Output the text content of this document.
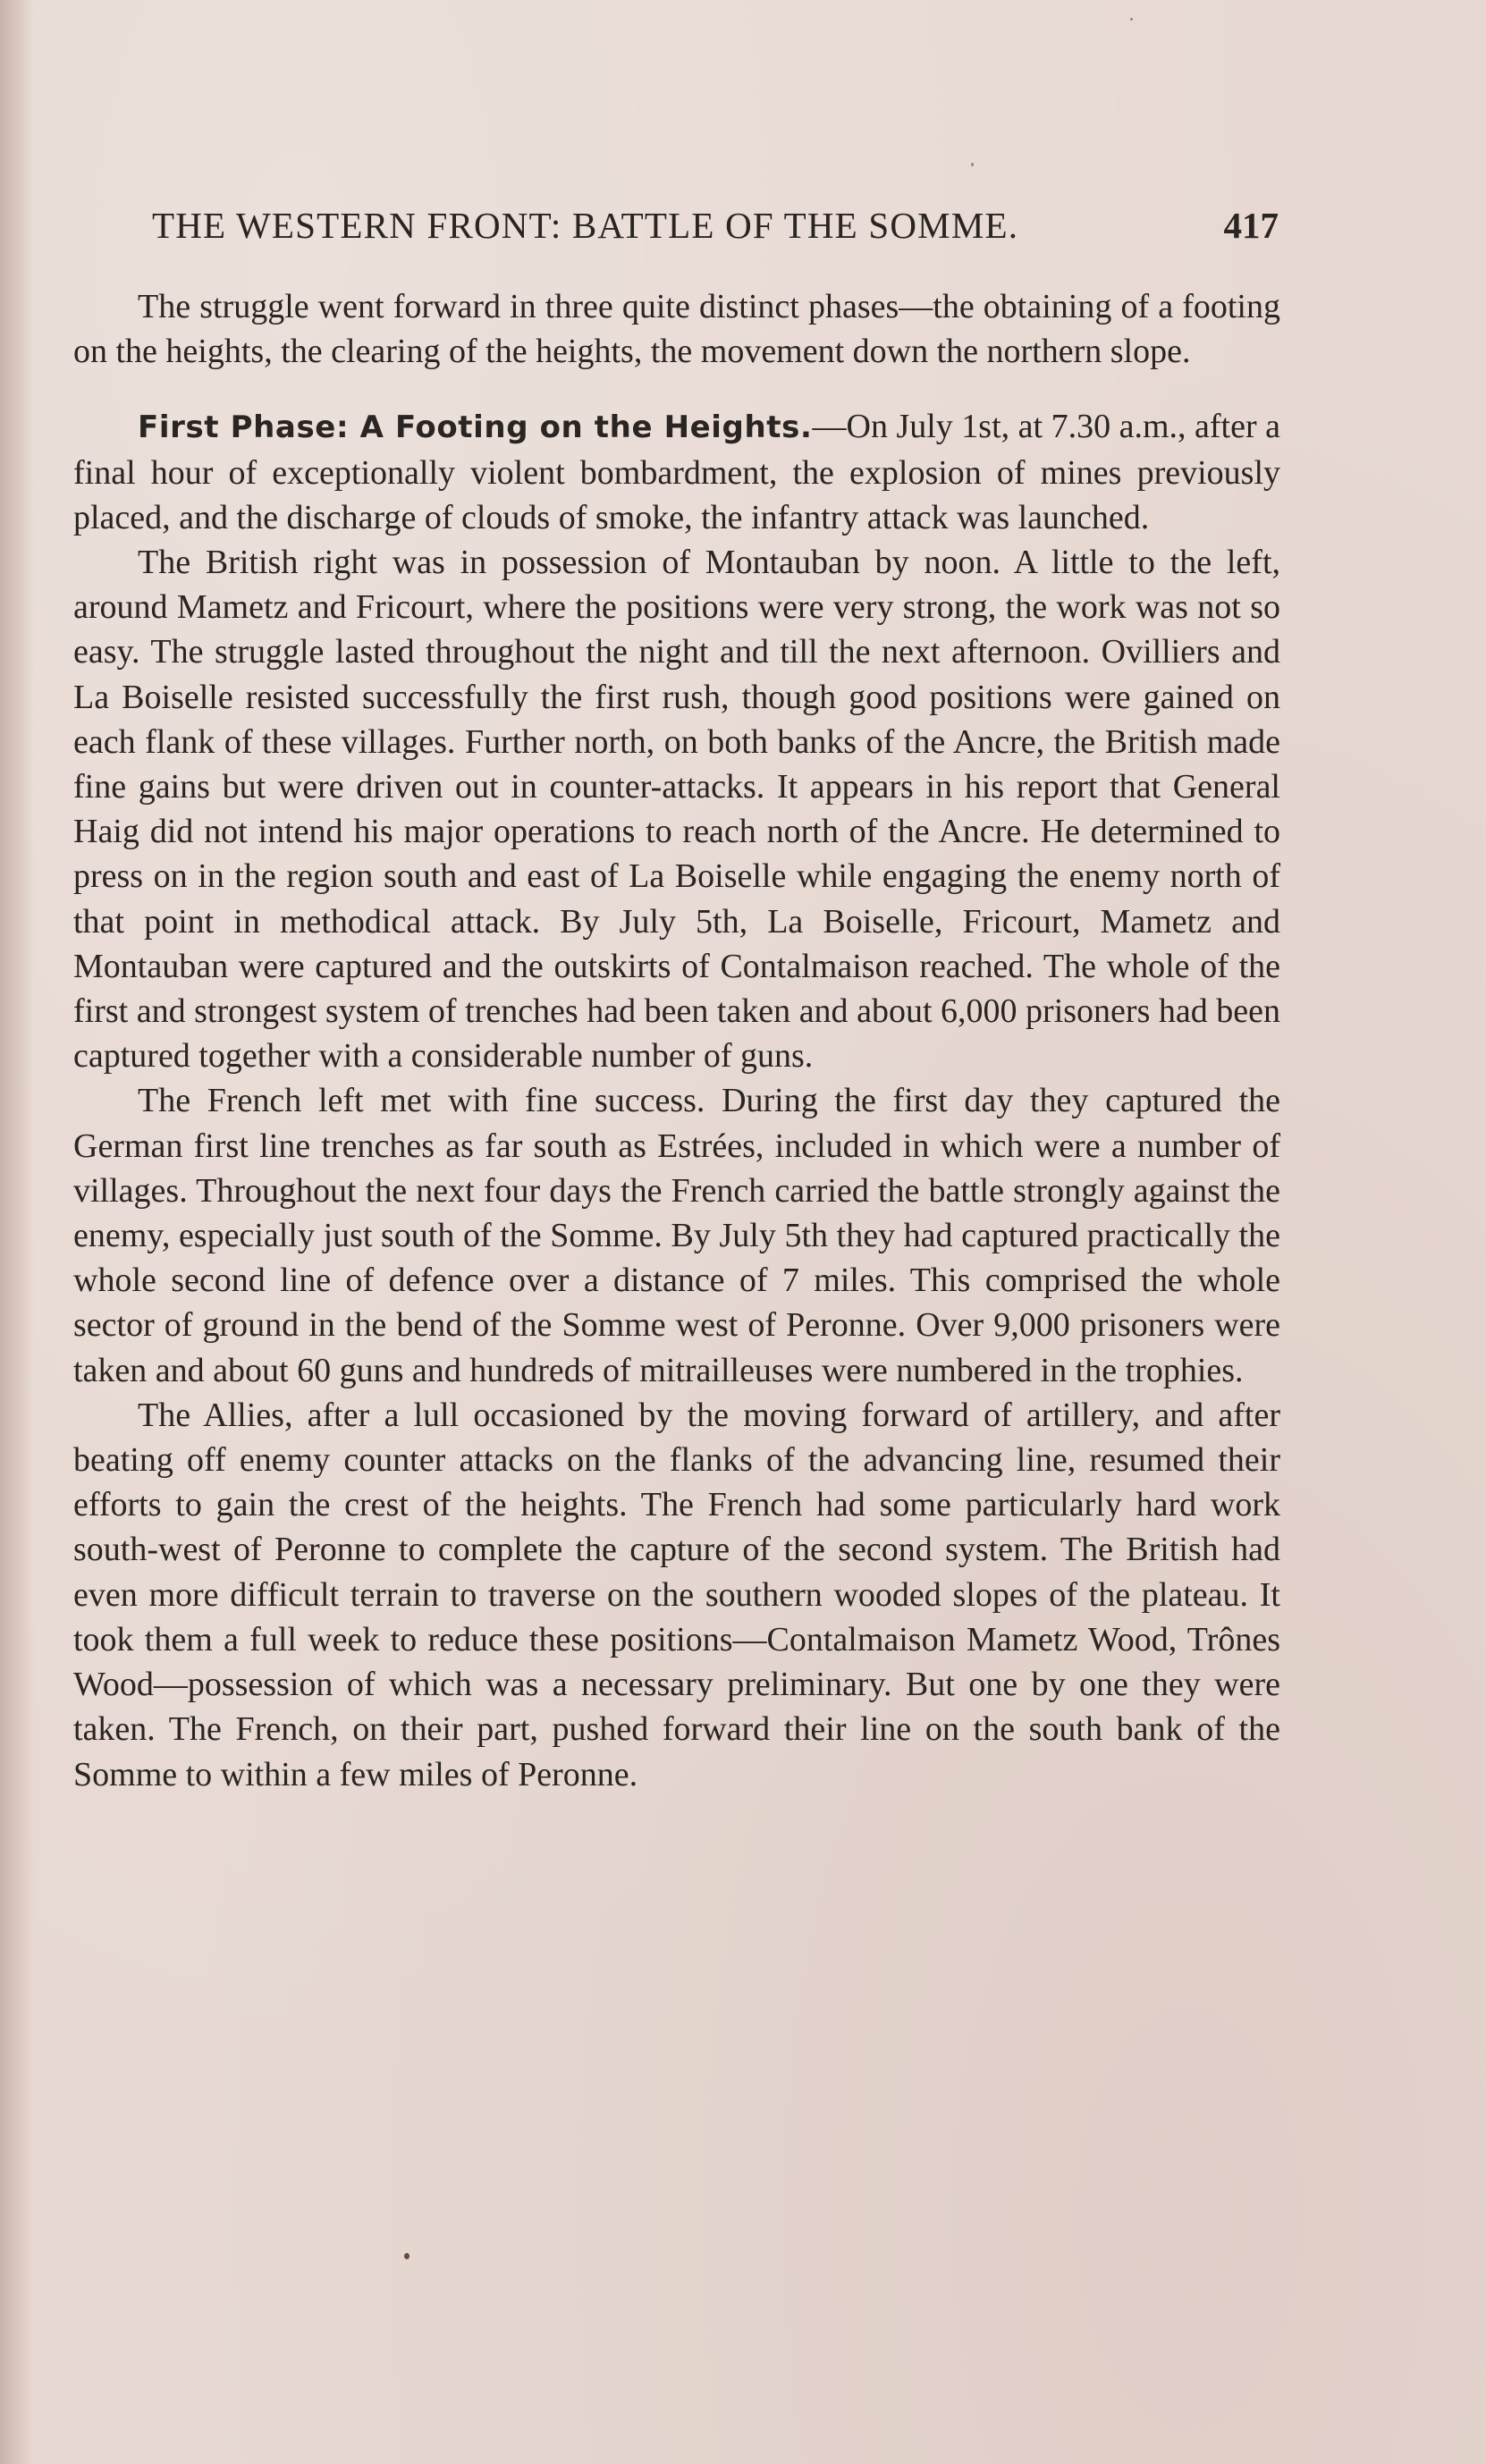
THE WESTERN FRONT: BATTLE OF THE SOMME.	417

The struggle went forward in three quite distinct phases—the obtaining of a footing on the heights, the clearing of the heights, the movement down the northern slope.

First Phase: A Footing on the Heights.—On July 1st, at 7.30 a.m., after a final hour of exceptionally violent bombardment, the explosion of mines previously placed, and the discharge of clouds of smoke, the infantry attack was launched.

The British right was in possession of Montauban by noon. A little to the left, around Mametz and Fricourt, where the positions were very strong, the work was not so easy. The struggle lasted throughout the night and till the next afternoon. Ovilliers and La Boiselle resisted successfully the first rush, though good positions were gained on each flank of these villages. Further north, on both banks of the Ancre, the British made fine gains but were driven out in counter-attacks. It appears in his report that General Haig did not intend his major operations to reach north of the Ancre. He determined to press on in the region south and east of La Boiselle while engaging the enemy north of that point in methodical attack. By July 5th, La Boiselle, Fricourt, Mametz and Montauban were captured and the outskirts of Contalmaison reached. The whole of the first and strongest system of trenches had been taken and about 6,000 prisoners had been captured together with a considerable number of guns.

The French left met with fine success. During the first day they captured the German first line trenches as far south as Estrées, included in which were a number of villages. Throughout the next four days the French carried the battle strongly against the enemy, especially just south of the Somme. By July 5th they had captured practically the whole second line of defence over a distance of 7 miles. This comprised the whole sector of ground in the bend of the Somme west of Peronne. Over 9,000 prisoners were taken and about 60 guns and hundreds of mitrailleuses were numbered in the trophies.

The Allies, after a lull occasioned by the moving forward of artillery, and after beating off enemy counter attacks on the flanks of the advancing line, resumed their efforts to gain the crest of the heights. The French had some particularly hard work south-west of Peronne to complete the capture of the second system. The British had even more difficult terrain to traverse on the southern wooded slopes of the plateau. It took them a full week to reduce these positions—Contalmaison Mametz Wood, Trônes Wood—possession of which was a necessary preliminary. But one by one they were taken. The French, on their part, pushed forward their line on the south bank of the Somme to within a few miles of Peronne.
